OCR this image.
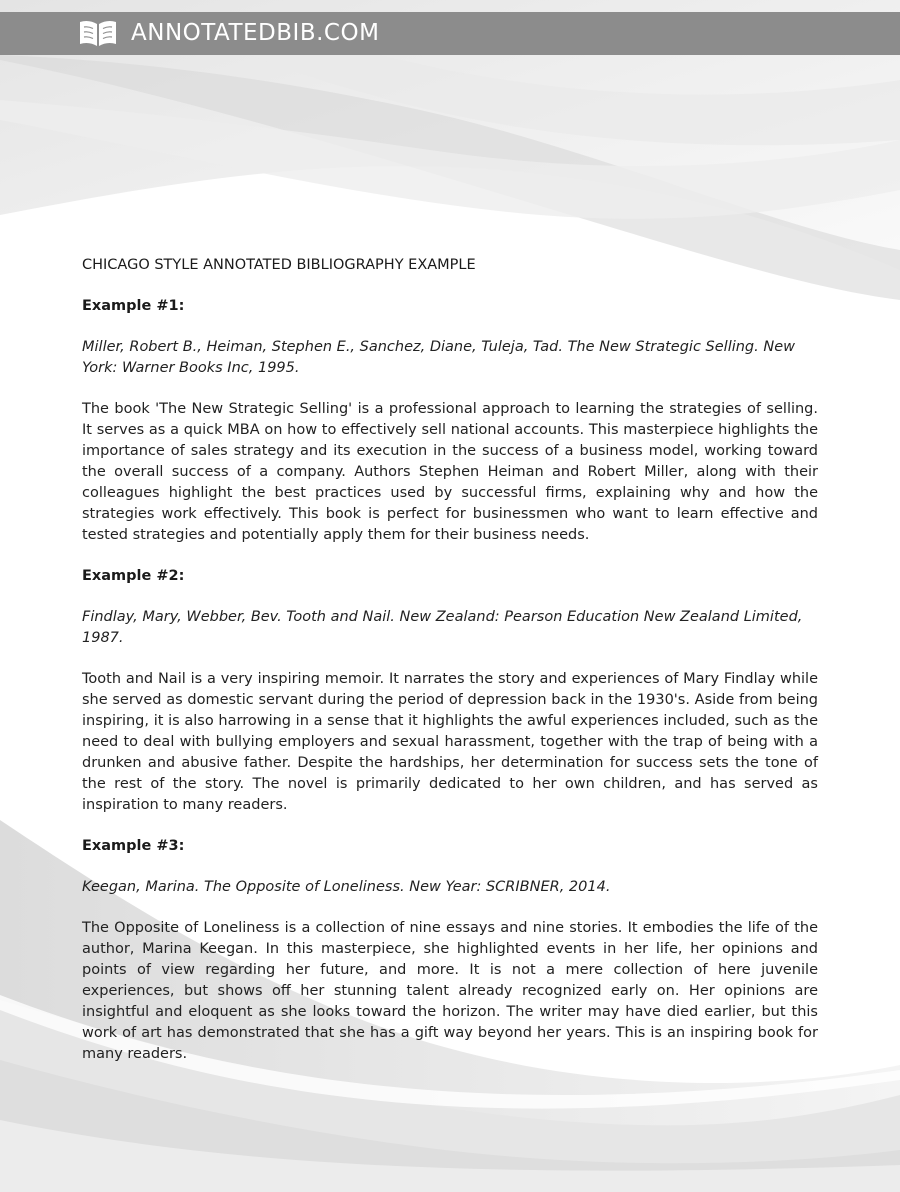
ANNOTATEDBIB.COM
CHICAGO STYLE ANNOTATED BIBLIOGRAPHY EXAMPLE

Example #1:

Miller, Robert B., Heiman, Stephen E., Sanchez, Diane, Tuleja, Tad. The New Strategic Selling. New York: Warner Books Inc, 1995.

The book 'The New Strategic Selling' is a professional approach to learning the strategies of selling. It serves as a quick MBA on how to effectively sell national accounts. This masterpiece highlights the importance of sales strategy and its execution in the success of a business model, working toward the overall success of a company. Authors Stephen Heiman and Robert Miller, along with their colleagues highlight the best practices used by successful firms, explaining why and how the strategies work effectively. This book is perfect for businessmen who want to learn effective and tested strategies and potentially apply them for their business needs.

Example #2:

Findlay, Mary, Webber, Bev. Tooth and Nail. New Zealand: Pearson Education New Zealand Limited, 1987.

Tooth and Nail is a very inspiring memoir. It narrates the story and experiences of Mary Findlay while she served as domestic servant during the period of depression back in the 1930's. Aside from being inspiring, it is also harrowing in a sense that it highlights the awful experiences included, such as the need to deal with bullying employers and sexual harassment, together with the trap of being with a drunken and abusive father. Despite the hardships, her determination for success sets the tone of the rest of the story. The novel is primarily dedicated to her own children, and has served as inspiration to many readers.

Example #3:

Keegan, Marina. The Opposite of Loneliness. New Year: SCRIBNER, 2014.

The Opposite of Loneliness is a collection of nine essays and nine stories. It embodies the life of the author, Marina Keegan. In this masterpiece, she highlighted events in her life, her opinions and points of view regarding her future, and more. It is not a mere collection of here juvenile experiences, but shows off her stunning talent already recognized early on. Her opinions are insightful and eloquent as she looks toward the horizon. The writer may have died earlier, but this work of art has demonstrated that she has a gift way beyond her years. This is an inspiring book for many readers.
